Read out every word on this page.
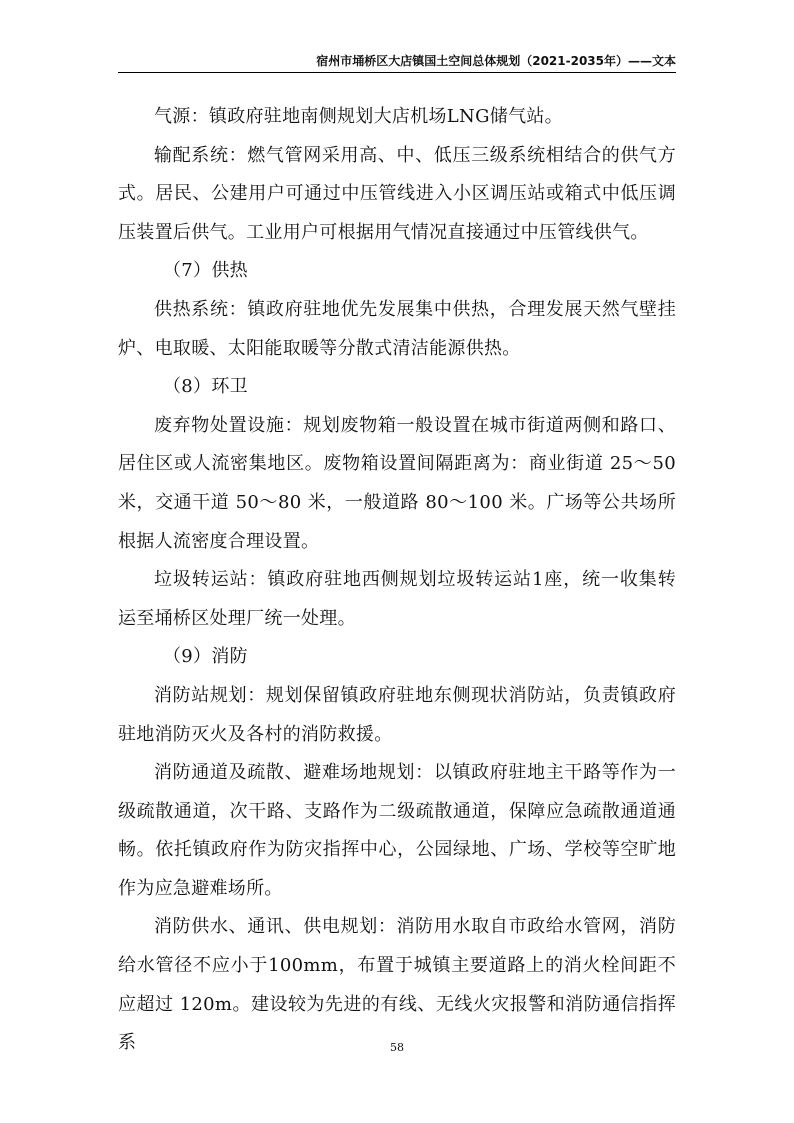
宿州市埇桥区大店镇国土空间总体规划（2021-2035年）——文本

气源：镇政府驻地南侧规划大店机场LNG储气站。

输配系统：燃气管网采用高、中、低压三级系统相结合的供气方式。居民、公建用户可通过中压管线进入小区调压站或箱式中低压调压装置后供气。工业用户可根据用气情况直接通过中压管线供气。

（7）供热

供热系统：镇政府驻地优先发展集中供热，合理发展天然气壁挂炉、电取暖、太阳能取暖等分散式清洁能源供热。

（8）环卫

废弃物处置设施：规划废物箱一般设置在城市街道两侧和路口、居住区或人流密集地区。废物箱设置间隔距离为：商业街道 25～50米，交通干道 50～80 米，一般道路 80～100 米。广场等公共场所根据人流密度合理设置。

垃圾转运站：镇政府驻地西侧规划垃圾转运站1座，统一收集转运至埇桥区处理厂统一处理。

（9）消防

消防站规划：规划保留镇政府驻地东侧现状消防站，负责镇政府驻地消防灭火及各村的消防救援。

消防通道及疏散、避难场地规划：以镇政府驻地主干路等作为一级疏散通道，次干路、支路作为二级疏散通道，保障应急疏散通道通畅。依托镇政府作为防灾指挥中心，公园绿地、广场、学校等空旷地作为应急避难场所。

消防供水、通讯、供电规划：消防用水取自市政给水管网，消防给水管径不应小于100mm，布置于城镇主要道路上的消火栓间距不应超过 120m。建设较为先进的有线、无线火灾报警和消防通信指挥系	58
